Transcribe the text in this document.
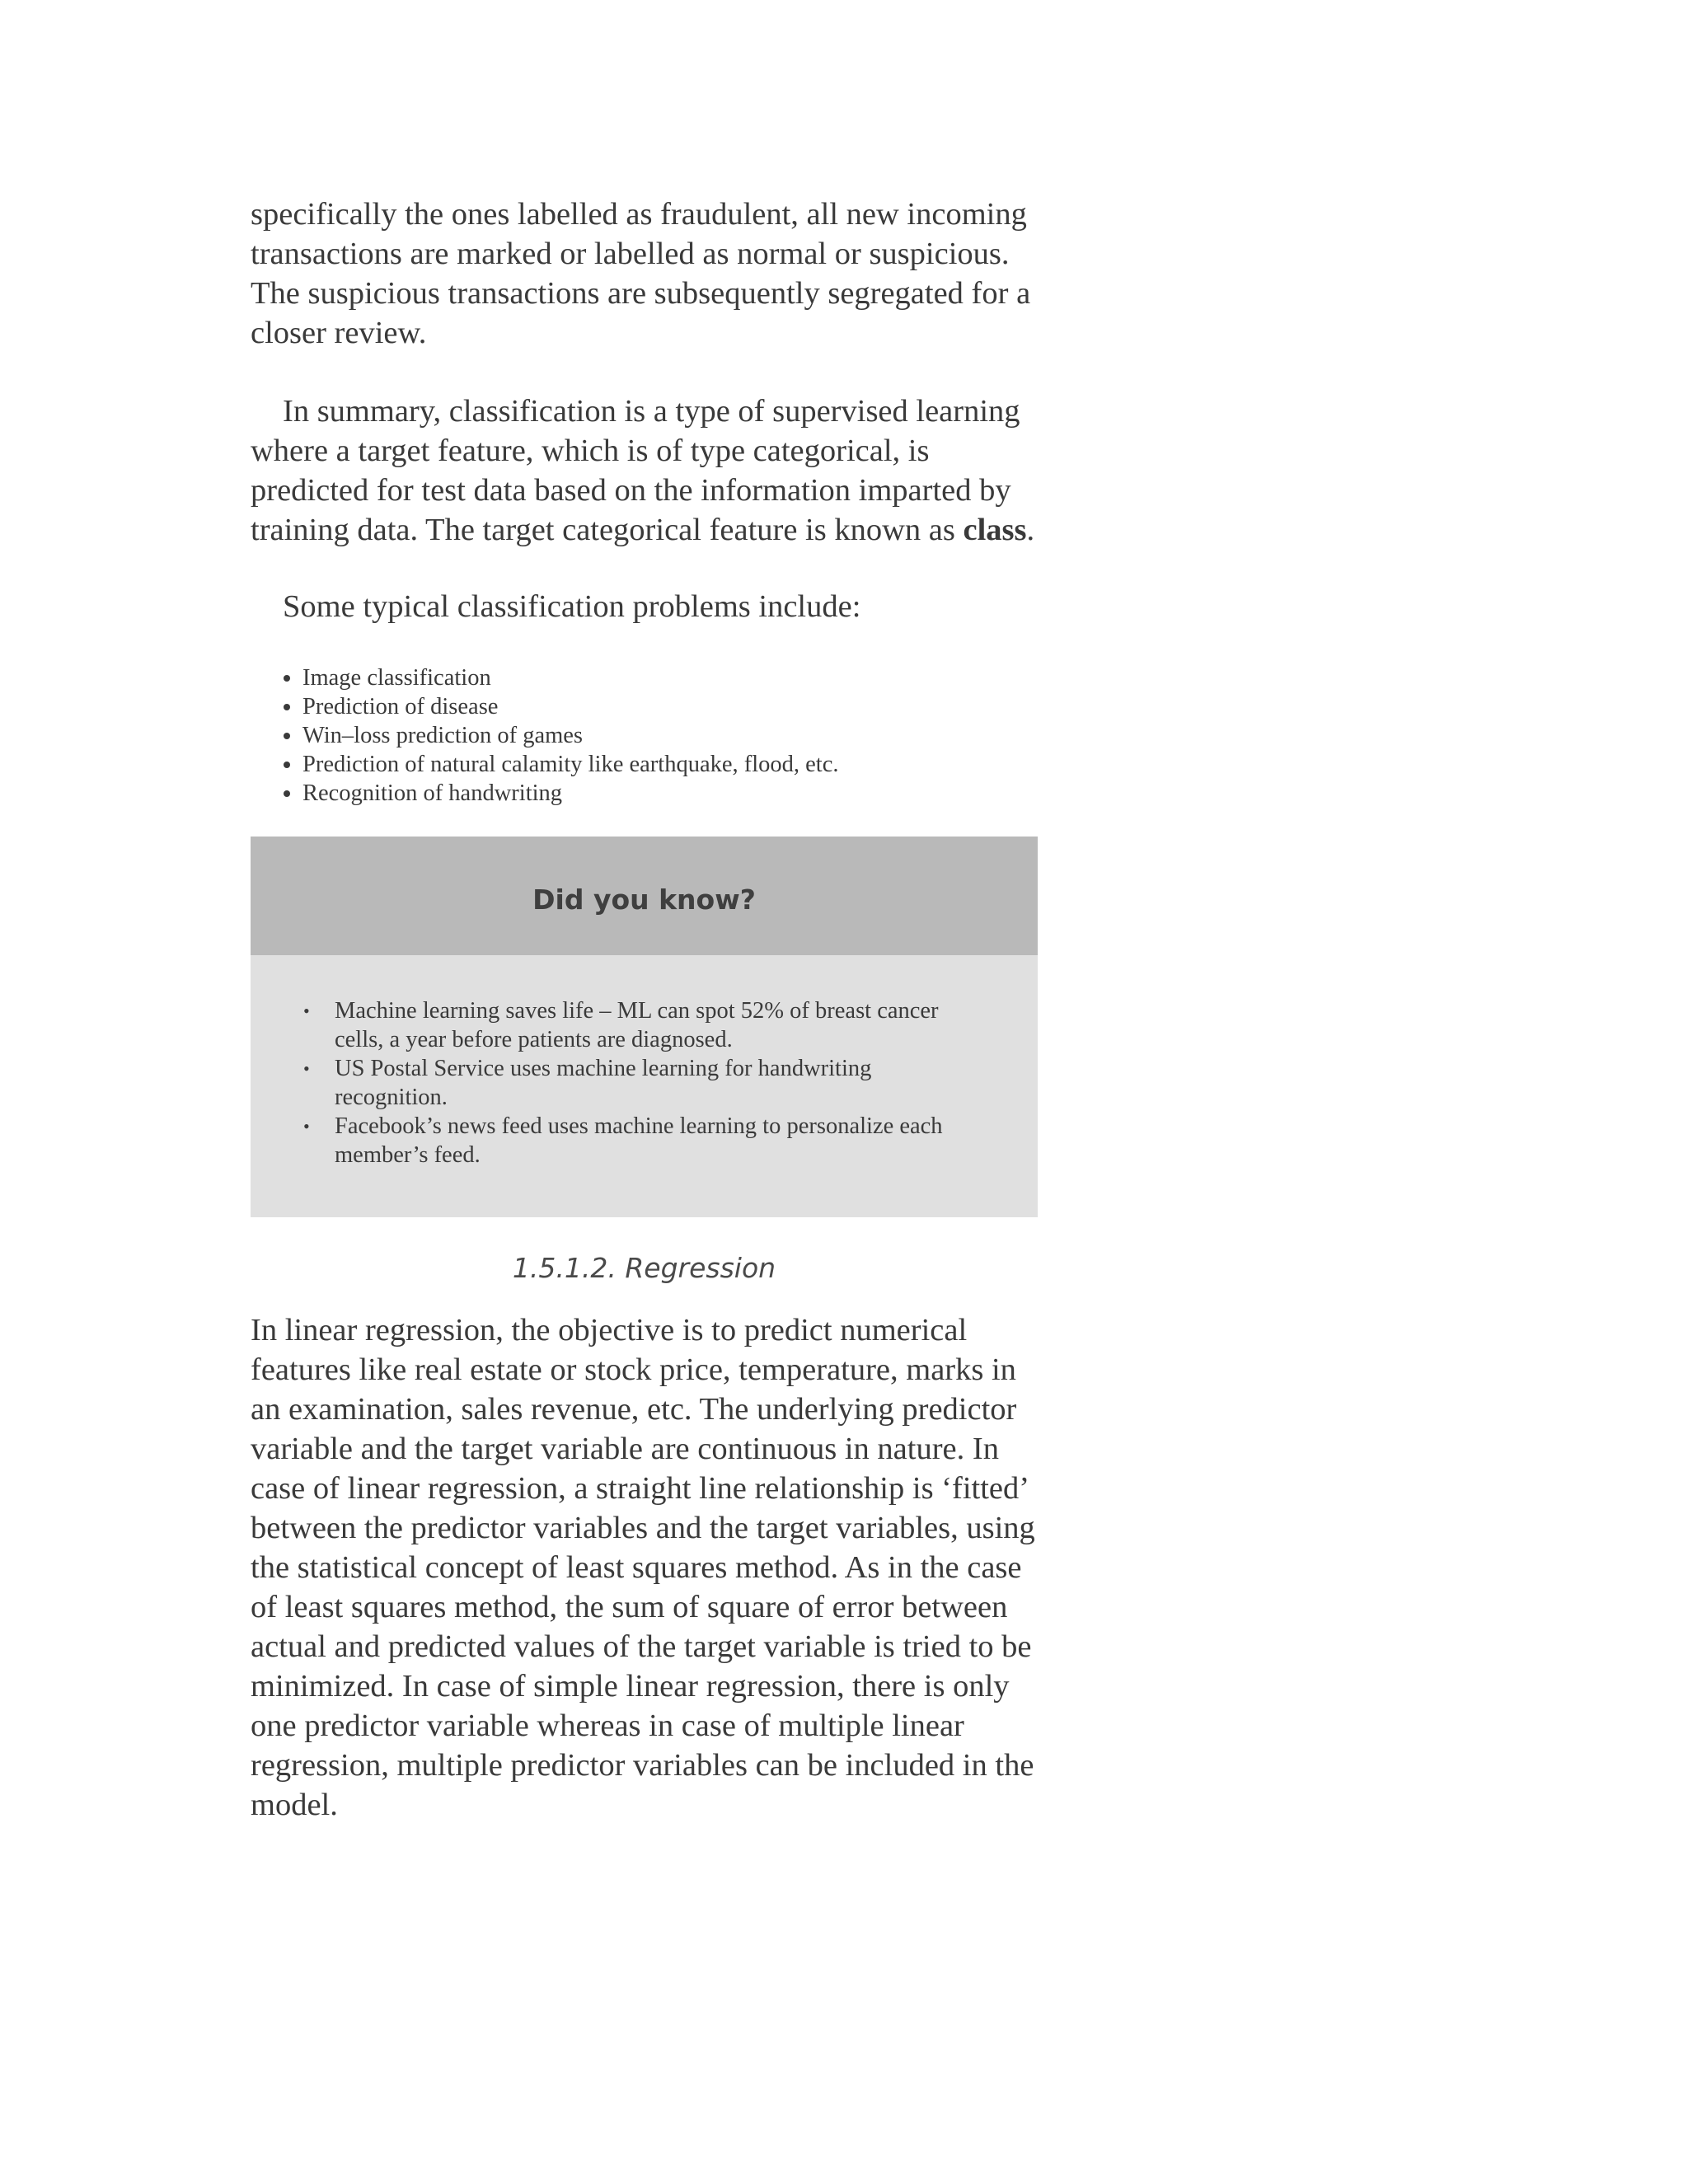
specifically the ones labelled as fraudulent, all new incoming transactions are marked or labelled as normal or suspicious. The suspicious transactions are subsequently segregated for a closer review.

In summary, classification is a type of supervised learning where a target feature, which is of type categorical, is predicted for test data based on the information imparted by training data. The target categorical feature is known as class.

Some typical classification problems include:

• Image classification
• Prediction of disease
• Win–loss prediction of games
• Prediction of natural calamity like earthquake, flood, etc.
• Recognition of handwriting
Did you know?
• Machine learning saves life – ML can spot 52% of breast cancer cells, a year before patients are diagnosed.
• US Postal Service uses machine learning for handwriting recognition.
• Facebook’s news feed uses machine learning to personalize each member’s feed.
1.5.1.2. Regression

In linear regression, the objective is to predict numerical features like real estate or stock price, temperature, marks in an examination, sales revenue, etc. The underlying predictor variable and the target variable are continuous in nature. In case of linear regression, a straight line relationship is ‘fitted’ between the predictor variables and the target variables, using the statistical concept of least squares method. As in the case of least squares method, the sum of square of error between actual and predicted values of the target variable is tried to be minimized. In case of simple linear regression, there is only one predictor variable whereas in case of multiple linear regression, multiple predictor variables can be included in the model.
